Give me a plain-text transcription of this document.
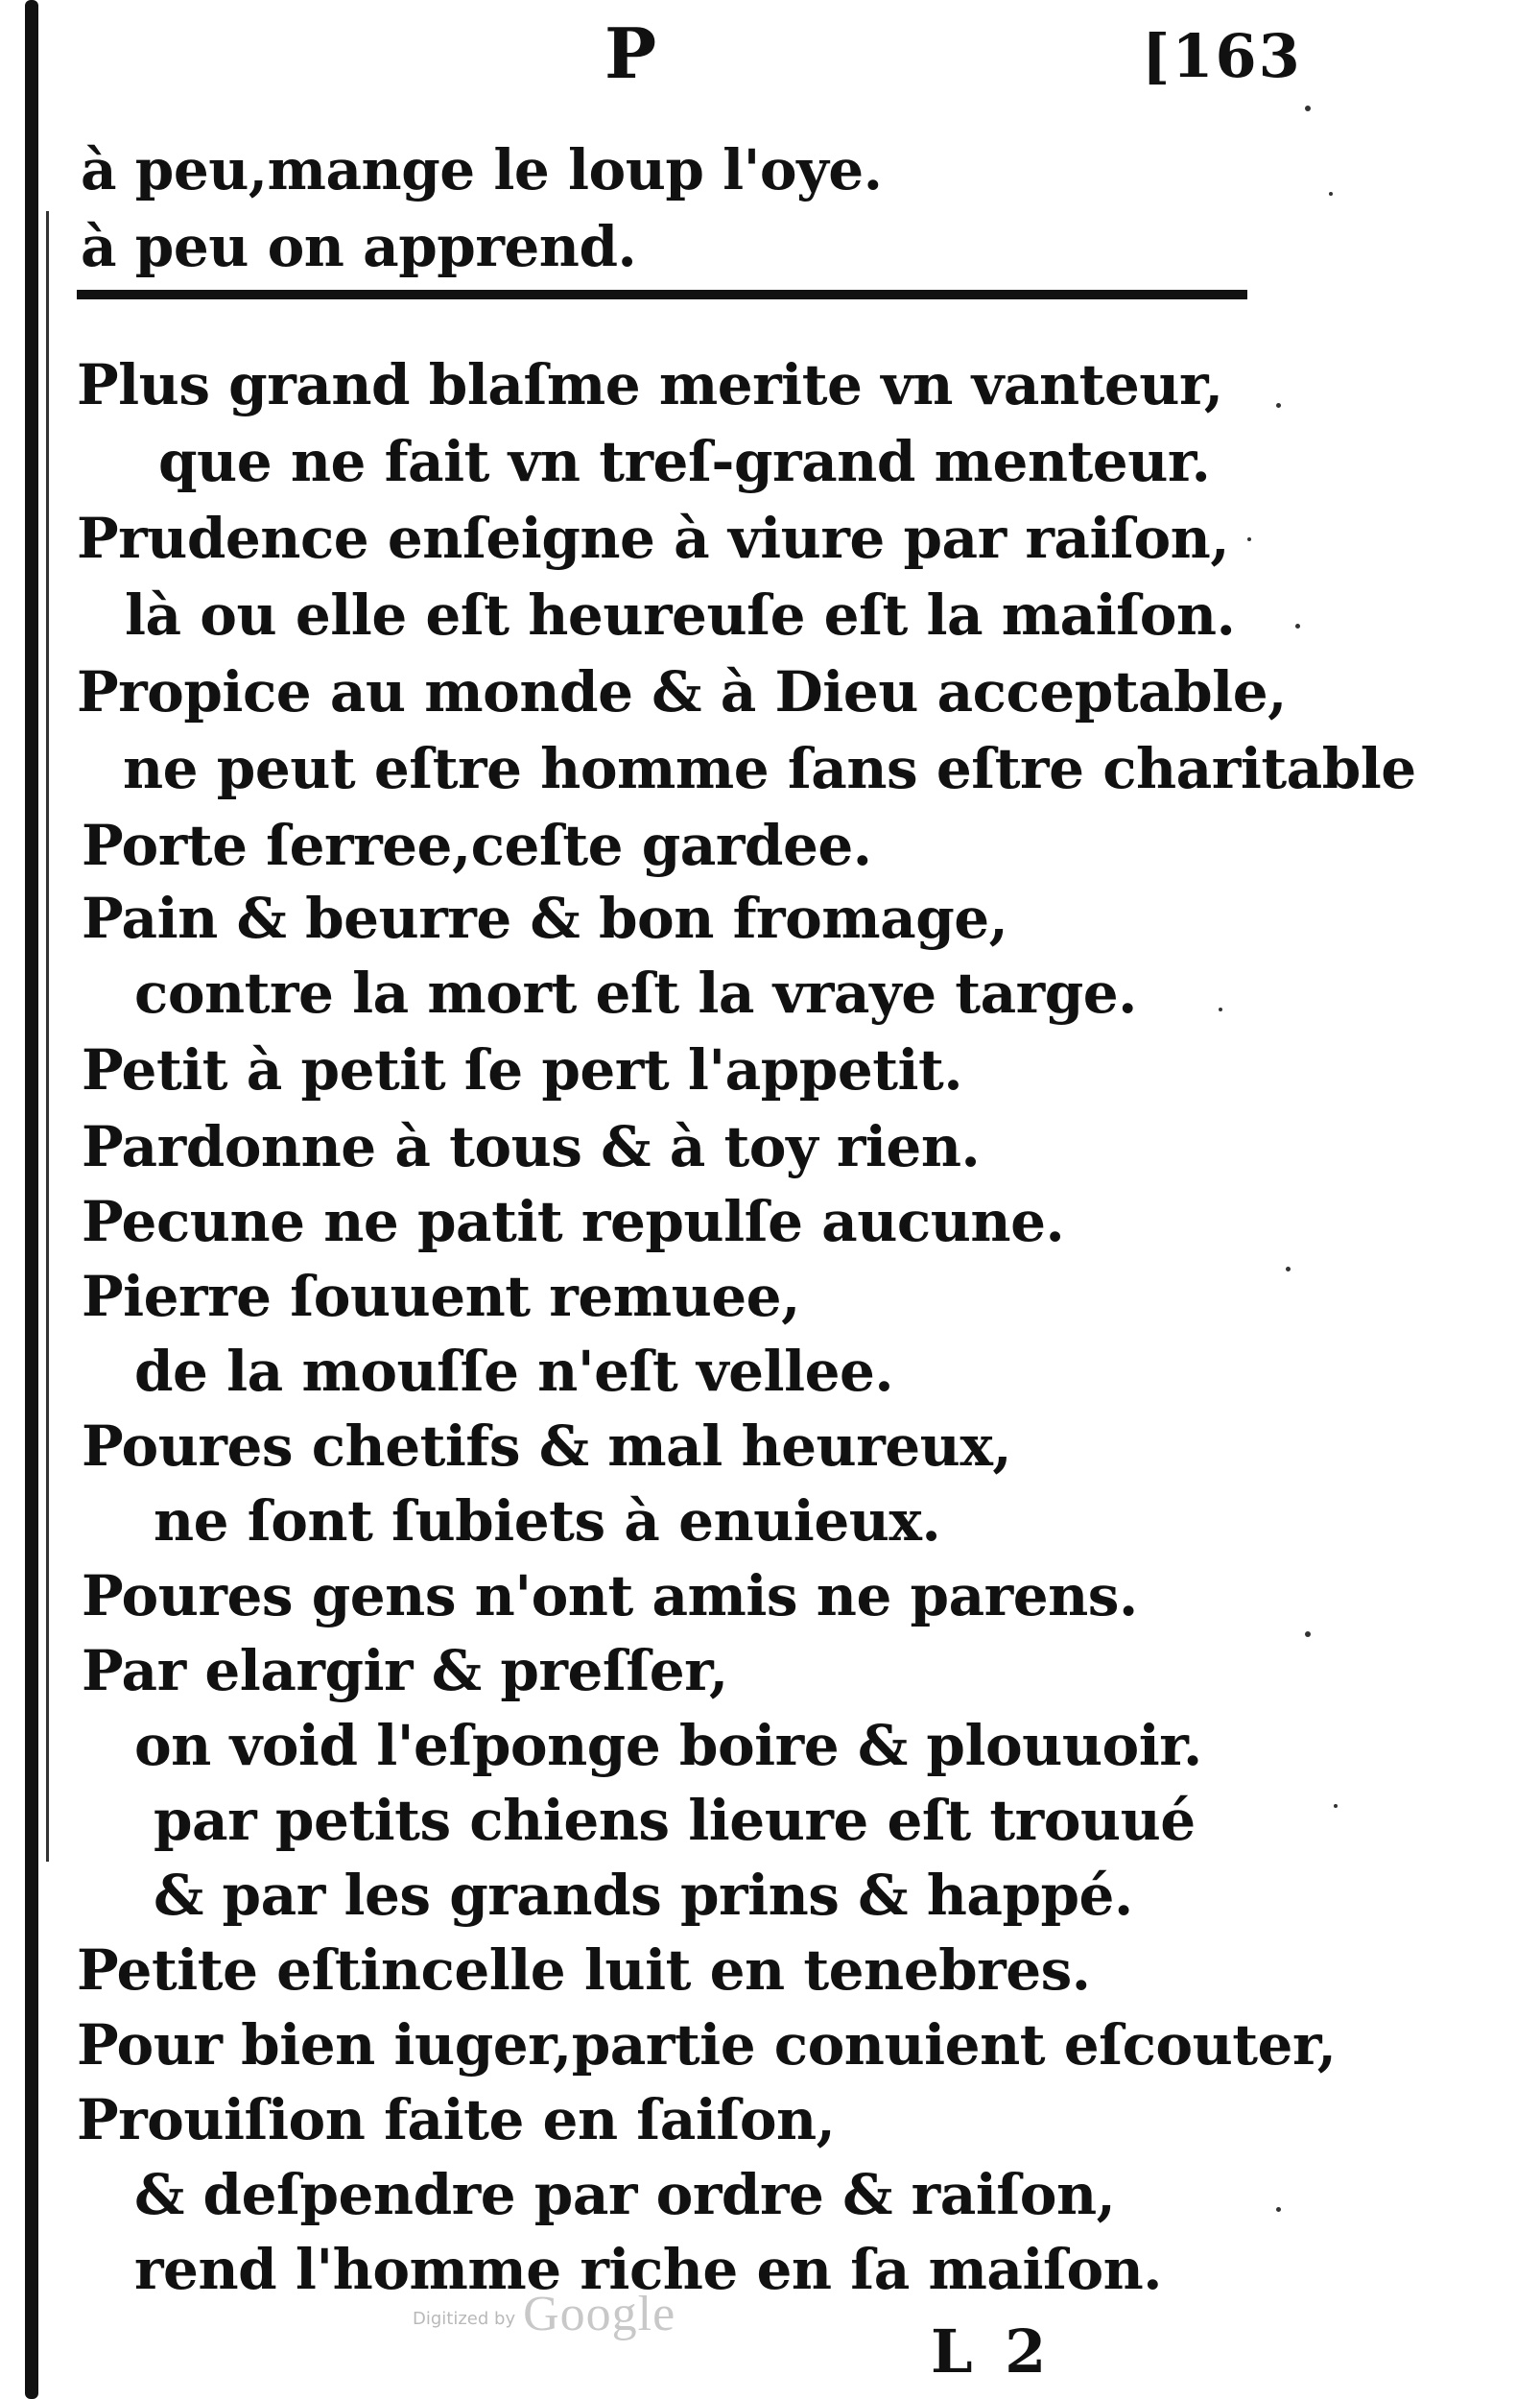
P	[163
à peu,mange le loup l'oye.
à peu on apprend.
Plus grand blaſme merite vn vanteur,
que ne fait vn treſ-grand menteur.
Prudence enſeigne à viure par raiſon,
là ou elle eſt heureuſe eſt la maiſon.
Propice au monde & à Dieu acceptable,
ne peut eſtre homme ſans eſtre charitable
Porte ſerree,ceſte gardee.
Pain & beurre & bon fromage,
contre la mort eſt la vraye targe.
Petit à petit ſe pert l'appetit.
Pardonne à tous & à toy rien.
Pecune ne patit repulſe aucune.
Pierre ſouuent remuee,
de la mouſſe n'eſt vellee.
Poures chetifs & mal heureux,
ne ſont ſubiets à enuieux.
Poures gens n'ont amis ne parens.
Par elargir & preſſer,
on void l'eſponge boire & plouuoir.
par petits chiens lieure eſt trouué
& par les grands prins & happé.
Petite eſtincelle luit en tenebres.
Pour bien iuger,partie conuient eſcouter,
Prouiſion faite en ſaiſon,
& deſpendre par ordre & raiſon,
rend l'homme riche en ſa maiſon.
Digitized by Google
L 2
